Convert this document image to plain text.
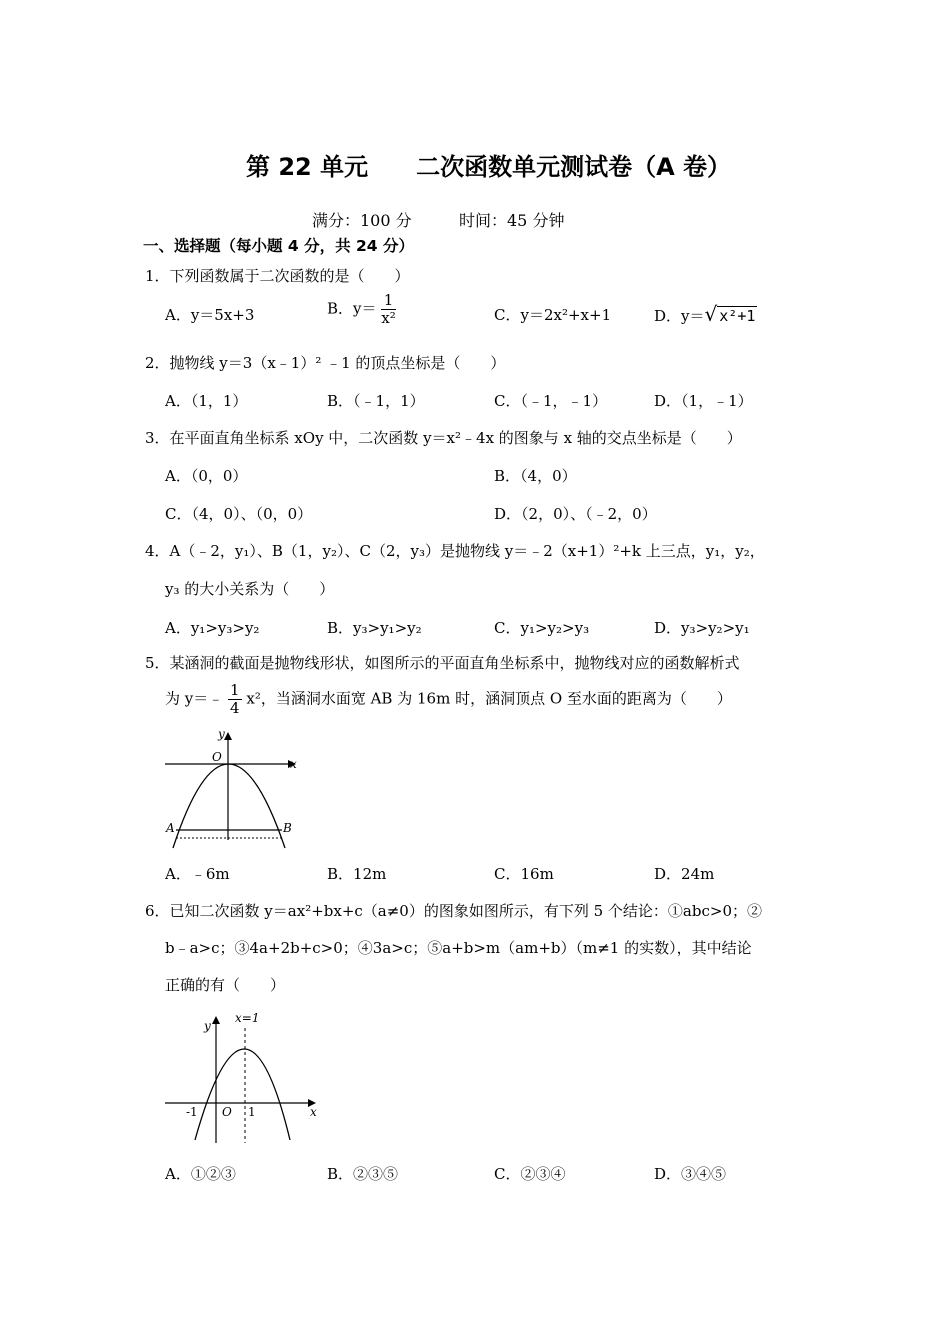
第 22 单元　　二次函数单元测试卷（A 卷）
满分：100 分	时间：45 分钟
一、选择题（每小题 4 分，共 24 分）
1．下列函数属于二次函数的是（　　）
A．y＝5x+3	B．$y= \frac{1}{\text{x²}}$	C．y＝2x²+x+1	D．y＝√ x²+1
2．抛物线 y＝3（x﹣1）² ﹣1 的顶点坐标是（　　）
A．（1，1）	B．（﹣1，1）	C．（﹣1，﹣1）	D．（1，﹣1）
3．在平面直角坐标系 xOy 中，二次函数 y＝x²﹣4x 的图象与 x 轴的交点坐标是（　　）
A．（0，0）	B．（4，0）
C．（4，0）、（0，0）	D．（2，0）、（﹣2，0）
4．A（﹣2，y₁）、B（1，y₂）、C（2，y₃）是抛物线 y＝﹣2（x+1）²+k 上三点，y₁，y₂，
y₃ 的大小关系为（　　）
A．y₁>y₃>y₂	B．y₃>y₁>y₂	C．y₁>y₂>y₃	D．y₃>y₂>y₁
5．某涵洞的截面是抛物线形状，如图所示的平面直角坐标系中，抛物线对应的函数解析式
为 y＝﹣ $\frac{1}{4} x^2$，当涵洞水面宽 AB 为 16m 时，涵洞顶点 O 至水面的距离为（　　）
y
O	x
A	B
A．﹣6m	B．12m	C．16m	D．24m
6．已知二次函数 y＝ax²+bx+c（a≠0）的图象如图所示，有下列 5 个结论：①abc>0；②
b﹣a>c；③4a+2b+c>0；④3a>c；⑤a+b>m（am+b）（m≠1 的实数），其中结论
正确的有（　　）
y
x=1
-1 O 1	x
A．①②③	B．②③⑤	C．②③④	D．③④⑤
